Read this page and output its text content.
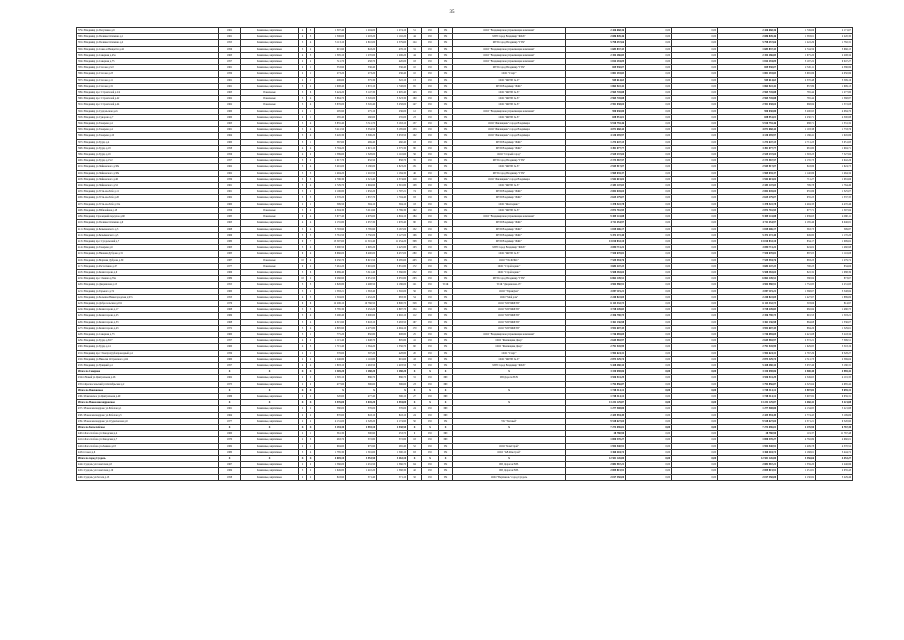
35
379 г.Владимир ул.Погулянка д.9	1961	Каменные, кирпичные	4	3	1 307,40	1 204,00	1 274,10	51	РО	УК	ООО "Владимирская управляющая компания"	2 426 668,36	0,00	0,00	2 426 668,36	1 749,66	2 171,67
380 г.Владимир ул.Полины Осипенко д.1	1961	Каменные, кирпичные	4	3	1 306,60	1 203,20	1 102,20	44	РО	УК	МУП город Владимир "ЖКХ"	2 086 849,46	0,00	0,00	2 086 849,46	1 583,61	2 220,30
381 г.Владимир ул.Полины Осипенко д.2	1955	Каменные, кирпичные	5	4	3 113,10	2 810,00	2 579,60	124	РО	УК	МУП город Владимир "ГУК"	5 798 457,66	0,00	0,00	5 798 457,66	1 222,29	1 782,31
382 г.Владимир ул.Сакко и Ванцетти д.42	1956	Каменные, кирпичные	3	2	915,90	843,20	476,10	31	РО	УК	ООО "Владимирская управляющая компания"	1 683 837,33	0,00	0,00	1 683 837,33	2 744,59	3 666,15
383 г.Владимир ул.Северная д.45а	1963	Каменные, кирпичные	4	3	1 395,10	1 270,60	1 206,20	44	РО	УК	ООО "Владимирская управляющая компания"	2 354 286,85	0,00	0,00	2 354 286,85	1 675,20	2 208,34
384 г.Владимир ул.Северная д.75	1957	Каменные, кирпичные	2	2	511,70	458,70	420,00	18	РО	УК	ООО "Владимирская управляющая компания"	1 814 294,09	0,00	0,00	1 814 294,09	3 197,22	9 047,27
385 г.Владимир ул.Стасова д.5/2	1961	Каменные, кирпичные	2	1	353,90	336,40	336,40	10	РО	УК	МУП город Владимир "ГУК"	829 930,07	0,00	0,00	829 930,07	2 345,11	4 386,99
386 г.Владимир ул.Стасова д.23	1959	Каменные, кирпичные	2	1	273,20	273,20	236,40	10	РО	УК	ООО "Старт"	1 801 293,83	0,00	0,00	1 801 293,83	3 665,86	4 050,99
387 г.Владимир ул.Стасова д.11	1961	Каменные, кирпичные	2	1	406,60	375,30	322,10	13	РО	УК	ООО "ЖРЭП № 9"	949 614,63	0,00	0,00	949 614,63	2 370,48	3 599,16
388 г.Владимир ул.Стасова д.31	1961	Каменные, кирпичные	3	2	1 908,40	1 872,10	1 748,00	65	РО	УК	МУП Владимир "ЖКС"	1 864 922,42	0,00	0,00	1 864 922,42	857,89	1 699,13
389 г.Владимир пр-т Строителей д.2/4	1963	Панельные	5	6	3 424,20	3 147,30	2 905,40	143	РО	УК	ООО "ЖРЭП № 8"	2 965 745,88	0,00	0,00	2 965 745,88	765,44	1 277,80
390 г.Владимир пр-т Строителей д.42	1962	Панельные	5	4	3 864,70	3 545,00	3 323,30	160	РО	УК	ООО "ЖРЭП № 8"	2 965 745,88	0,00	0,00	2 965 745,88	765,44	1 368,87
391 г.Владимир пр-т Строителей д.44	1962	Панельные	5	4	3 876,00	3 545,40	3 258,00	147	РО	УК	ООО "ЖРЭП № 8"	2 591 038,04	0,00	0,00	2 591 038,04	668,84	1 372,08
392 г.Владимир ул.Суздальская д.2а	1960	Каменные, кирпичные	2	1	295,90	275,10	236,00	12	РО	УК	ООО "Владимирская управляющая компания"	950 030,80	0,00	0,00	950 030,80	3 200,95	4 084,70
393 г.Владимир ул.Суворова д.7	1960	Каменные, кирпичные	2	1	285,40	260,60	235,00	23	РО	УК	ООО "ЖРЭП № 8"	658 951,01	0,00	0,00	658 951,01	2 230,71	4 300,88
394 г.Владимир ул.Токарева д.4	1963	Каменные, кирпичные	5	4	3 855,40	3 511,70	3 163,10	137	РО	УК	ООО "Жилищник" города Владимира	5 910 755,46	0,00	0,00	5 910 755,46	988,71	1 331,32
395 г.Владимир ул.Токарева д.4	1961	Каменные, кирпичные	5	4	3 411,50	3 354,50	3 185,60	153	РО	УК	ООО "Жилищник" города Владимира	4 071 668,44	0,00	0,00	4 071 668,44	1 193,38	1 733,76
396 г.Владимир ул.Токарева д.10	1964	Каменные, кирпичные	5	4	3 445,30	3 306,20	3 033,50	102	РО	УК	ООО "Жилищник" города Владимира	4 130 495,97	0,00	0,00	4 130 495,97	1 186,41	1 945,86
397 г.Владимир ул.Труда д.4	1960	Каменные, кирпичные	3	1	567,60	469,40	460,40	18	РО	УК	МУП Владимир "ЖКС"	1 274 647,15	0,00	0,00	1 274 647,15	2 711,23	5 051,83
398 г.Владимир ул.Труда д.18	1958	Каменные, кирпичные	4	4	3 794,20	2 615,10	2 575,30	80	РО	УК	МУП Владимир "ЖКС"	3 491 077,77	0,00	0,00	3 491 077,77	981,80	1 994,71
399 г.Владимир ул.Труда д.19	1956	Каменные, кирпичные	4	2	1 389,60	1 328,00	1 110,60	56	РО	УК	ООО "Старый город"	2 529 237,04	0,00	0,00	2 529 237,04	1 593,23	7 527,84
400 г.Владимир ул.Труда д.15/2	1957	Каменные, кирпичные	3	2	1 017,70	932,50	858,70	35	РО	УК	МУП город Владимир "ГУК"	2 173 567,57	0,00	0,00	2 173 567,57	2 135,73	2 942,26
401 г.Владимир ул.Чайковского д.38а	1962	Каменные, кирпичные	5	4	3 491,00	3 180,00	2 823,20	131	РО	УК	ООО "ЖРЭП № 8"	2 945 917,07	0,00	0,00	2 945 917,07	843,86	1 624,75
402 г.Владимир ул.Чайковского д.38а	1962	Каменные, кирпичные	5	3	1 494,20	1 210,50	1 184,30	46	РО	УК	МУП город Владимир "ГУК"	1 969 035,37	0,00	0,00	1 969 035,37	1 140,86	1 464,34
403 г.Владимир ул.Чайковского д.46	1959	Каменные, кирпичные	5	3	2 796,30	2 521,40	2 374,60	119	РО	УК	ООО "Жилищник" города Владимира	1 942 615,02	0,00	0,00	1 942 615,02	711,27	1 081,66
404 г.Владимир ул.Чайковского д.52	1961	Каменные, кирпичные	5	4	2 729,70	2 694,90	2 391,80	108	РО	УК	ООО "ЖРЭП № 8"	2 183 147,03	0,00	0,00	2 183 147,03	799,78	1 764,49
405 г.Владимир ул.Усти-на-Лабе д.11	1961	Каменные, кирпичные	5	2	2 106,80	1 932,20	1 797,21	74	РО	УК	МУП Владимир "ЖКС"	2 002 045,04	0,00	0,00	2 002 045,04	955,86	1 325,07
406 г.Владимир ул.Усти-на-Лабе д.20	1962	Каменные, кирпичные	5	3	2 576,20	1 857,70	1 704,40	93	РО	УК	МУП Владимир "ЖКС"	2 625 279,07	0,00	0,00	2 625 279,07	935,23	1 337,35
407 г.Владимир ул.Усти-на-Лабе д.31а	1960	Каменные, кирпичные	2	1	599,50	594,10	594,10	18	РО	УК	ООО "Жилсервис"	1 478 522,78	0,00	0,00	1 478 522,78	2 494,33	4 470,46
408 г.Владимир ул.Юбилейная д.18	1956	Панельные	5	4	4 304,30	3 911,90	3 769,30	192	РО	УК	ООО "ЖРЭП № 8"	2 872 716,95	0,00	0,00	2 872 716,95	677,71	1 397,84
409 г.Владимир Стрелецкий переулок д.60	1985	Панельные	9	4	5 677,40	4 979,60	4 804,10	184	РО	УК	ООО "Владимирская управляющая компания"	9 309 141,88	0,00	0,00	9 309 141,88	1 639,63	4 090,11
410 г.Владимир ул.Полины Осипенко д.9	1963	Каменные, кирпичные	4	4	2 155,80	2 057,30	1 976,40	80	РО	УК	МУП Владимир "ЖКС"	4 711 454,97	0,00	0,00	4 711 454,97	2 185,46	6 046,81
411 г.Владимир ул.Безыменского д.3	1968	Каменные, кирпичные	5	4	3 793,90	3 785,90	3 167,00	132	РО	УК	МУП Владимир "ЖКС"	1 819 406,17	0,00	0,00	1 819 406,17	363,73	599,87
412 г.Владимир ул.Безыменского д.5	1966	Каменные, кирпичные	5	5	5 761,50	5 750,00	5 127,00	196	РО	УК	МУП Владимир "ЖКС"	5 472 272,40	0,00	0,00	5 472 272,40	949,80	1 170,20
413 г.Владимир пр-т Суздальский д.7	1980	Каменные, кирпичные	9	7	13 597,60	11 501,40	11 254,20	308	РО	УК	МУП Владимир "ЖКС"	13 010 833,10	0,00	0,00	13 010 833,10	834,17	1 099,62
414 г.Владимир ул.Токарева д.6	1963	Каменные, кирпичные	5	4	3 090,50	2 695,20	2 425,80	103	РО	УК	МУП город Владимир "ЖКХ"	2 850 711,22	0,00	0,00	2 850 711,22	924,02	1 460,98
415 г.Владимир ул.Нижняя Дуброва д.31	1983	Каменные, кирпичные	9	4	8 666,00	8 400,00	6 457,00	280	РО	УК	ООО "ЖРЭП № 8"	7 550 670,81	0,00	0,00	7 550 670,81	887,05	1 116,08
416 г.Владимир ул.Верхняя Дуброва д.39	1987	Панельные	10	4	9 250,70	8 615,50	8 285,60	403	РО	УК	ООО "УК ЖЭКС"	7 539 594,76	0,00	0,00	7 539 594,76	883,23	1 279,72
417 г.Владимир ул.Растопчина д.47	1977	Панельные	9	2	7 461,20	5 901,00	5 831,80	172	РО	УК	ООО "Стройсервис"	3 684 247,23	0,00	0,00	3 684 247,23	700,23	834,66
418 г.Владимир ул.Комиссарова д.9	1966	Каменные, кирпичные	5	6	6 069,40	5 611,40	5 366,80	252	РО	УК	ООО "Стройсервис"	5 508 383,04	0,00	0,00	5 508 383,04	822,32	1 088,39
419 г.Владимир пр-т Ленина д.35в	1989	Каменные, кирпичные	10	2	9 266,90	9 051,50	9 055,80	293	РО	УК	МУП город Владимир "ГУК"	6 862 149,51	0,00	0,00	6 862 149,51	580,84	873,67
420 г.Владимир ул.Дворянская д.15	1955	Каменные, кирпичные	3	3	2 826,80	2 498,50	2 186,00	121	РО	ТСЖ	ТСЖ "Дворянская-15"	4 904 980,91	0,00	0,00	4 904 980,91	1 752,85	2 231,83
421 г.Владимир ул.Горького д.74	1960	Каменные, кирпичные	5	2	1 583,21	1 363,40	1 302,00	56	РО	УК	ООО "УправДом"	2 097 119,21	0,00	0,00	2 097 119,21	1 368,67	3 548,84
422 г.Владимир ул.Большая Нижегородская д.97а	1953	Каменные, кирпичные	4	3	1 504,00	1 452,20	983,30	54	РО	УК	ООО "Мой дом"	2 240 822,69	0,00	0,00	2 240 822,69	1 427,67	1 889,69
423 г.Владимир ул.Добросельская д.191	1976	Каменные, кирпичные	9	6	12 206,10	10 766,50	9 800,70	328	РО	УК	ООО "МУПЖРЭП"	6 113 332,73	0,00	0,00	6 113 332,73	503,66	814,97
424 г.Владимир ул.Комиссарова д.17	1968	Каменные, кирпичные	5	3	3 785,30	3 252,20	2 897,70	134	РО	УК	ООО "МУПЖРЭП"	3 728 249,83	0,00	0,00	3 728 249,83	982,84	1 480,75
425 г.Владимир ул.Комиссарова д.25	1969	Каменные, кирпичные	5	4	3 290,40	3 000,60	2 902,10	112	РО	УК	ООО "МУПЖРЭП"	2 356 790,75	0,00	0,00	2 356 790,75	691,53	1 503,21
426 г.Владимир ул.Комиссарова д.33	1968	Каменные, кирпичные	5	4	4 315,90	3 943,10	3 483,50	167	РО	УК	ООО "МУПЖРЭП"	3 361 136,98	0,00	0,00	3 361 136,98	864,68	1 336,07
427 г.Владимир ул.Комиссарова д.43	1972	Каменные, кирпичные	5	4	4 895,90	4 475,80	4 094,10	170	РО	УК	ООО "МУПЖРЭП"	3 952 607,35	0,00	0,00	3 952 607,35	884,26	1 529,61
428 г.Владимир ул.Северная д.73	1960	Каменные, кирпичные	3	1	775,20	650,80	608,80	25	РО	УК	ООО "Владимирская управляющая компания"	1 746 085,69	0,00	0,00	1 746 085,69	2 421,08	3 243,34
429 г.Владимир ул.Труда д.30/7	1957	Каменные, кирпичные	4	2	1 115,40	1 048,70	805,80	41	РО	УК	ООО "Жилищник Двор"	2 645 965,97	0,00	0,00	2 645 965,97	2 372,21	7 399,51
430 г.Владимир ул.Труда д.14	1960	Каменные, кирпичные	4	3	1 715,40	1 564,20	1 356,70	60	РО	УК	ООО "Жилищник Двор"	2 791 545,99	0,00	0,00	2 791 545,99	1 629,85	5 518,19
431 г.Владимир пр-т Электротрубопроводный д.4	1959	Каменные, кирпичные	2	1	576,60	507,20	428,80	20	РО	УК	ООО "Старт"	1 594 624,31	0,00	0,00	1 594 624,31	2 767,29	9 328,27
432 г.Владимир ул.Николая Островского д.64	1960	Каменные, кирпичные	2	2	1 246,80	1 116,80	901,60	43	РО	УК	ООО "ЖРЭП № 9"	2 873 329,74	0,00	0,00	2 873 329,74	2 311,73	2 569,04
433 г.Владимир ул.Урицкий д.4	1957	Каменные, кирпичные	4	4	1 803,10	1 463,50	1 403,50	53	РО	УК	МУП город Владимир "ЖКХ"	5 428 480,34	0,00	0,00	5 428 480,34	3 037,46	3 180,31
Итого по Северное	X	X	X	X	1 305,20	1 288,20	1 288,20	X	X	X	X	3 150 098,86	0,00	0,00	3 150 098,86	2 500,40	4 985,42
434 п.Новый ул.Центральная д.26	1962	Каменные, кирпичные	2	2	1 395,10	886,70	886,70	31	РО	ИП	ИП Дороги Н.Н.	3 556 941,29	0,00	0,00	3 556 941,29	2 549,65	4 101,35
435 п.Красносельский ул.Октябрьская д.2	1975	Каменные, кирпичные	2	2	477,60	396,60	396,60	23	РО	ИП		1 794 856,87	0,00	0,00	1 794 856,87	4 525,64	4 985,42
Итого по Павловское	X	X	X	X	X	X	X	X	X	X	X	1 748 314,12	0,00	0,00	1 748 314,12	3 907,82	9 659,31
436 с.Павловское ул.Центральная д.49	1986	Каменные, кирпичные	2	2	520,60	477,40	396,10	27	РО	ИП		1 748 314,12	0,00	0,00	1 748 314,12	3 907,82	9 659,31
Итого по Новоалександровское	X	X	X	X	3 576,00	3 045,20	2 594,00	X	X	X	X	13 232 129,87	0,00	0,00	13 232 129,87	2 460,41	5 221,88
437 с.Новоалександрово ул.Рабочая д.1	1961	Каменные, кирпичные	2	2	580,00	576,00	576,00	24	РО	ИП		1 277 508,80	0,00	0,00	1 277 508,80	4 134,85	5 221,88
438 с.Новоалександрово ул.Рабочая д.3	1964	Каменные, кирпичные	2	2	870,60	843,10	843,10	24	РО	ИП		2 435 994,49	0,00	0,00	2 435 994,49	2 774,45	3 199,69
439 с.Новоалександрово ул.Студенческая д.6	1977	Каменные, кирпичные	2	2	4 131,00	2 528,20	2 174,90	50	РО	УК	УК "Уютный"	9 518 627,04	0,00	0,00	9 518 627,04	2 371,21	9 520,90
Итого по Богослобское	X	X	X	X	3 194,30	2 993,10	2 538,50	X	X	X	X	7 274 096,02	0,00	0,00	7 274 096,02	2 176,90	6 767,30
440 п.Богослобово ул.Заводская д.4	1960	Каменные, кирпичные	2	1	361,30	300,90	253,70	9	РО	ИП		28 780,90	0,00	0,00	28 780,90	119,37	11 767,48
441 п.Богослобово ул.Заводская д.7	1970	Каменные, кирпичные	2	3	463,70	372,80	372,80	18	РО	ИП		1 850 370,27	0,00	0,00	1 850 370,27	4 782,89	4 960,01
442 п.Богослобово ул.Ленина д.18	1982	Каменные, кирпичные	2	1	994,60	975,90	265,40	52	РО	УК	ООО "КомСтрой"	1 954 540,91	0,00	0,00	1 954 540,91	2 409,78	4 370,52
443 п.Сокол д.6	1980	Каменные, кирпичные	5	4	1 785,30	1 591,60	1 590,10	63	РО	УК	ООО "АВ Ремстрой"	3 360 404,74	0,00	0,00	3 360 404,74	2 168,61	3 444,72
Итого по город Суздаль	X	X	X	X	4 005,10	3 553,50	3 263,10	X	X	X	X	12 501 126,80	0,00	0,00	12 501 126,80	3 356,66	4 453,27
444 г.Суздаль ул.Советская д.8	1967	Каменные, кирпичные	2	2	1 566,00	1 431,50	1 366,70	64	РО	УК	ИП Дорогов Н.Н.	2 882 967,21	0,00	0,00	2 882 967,21	1 359,20	2 246,99
445 г.Суздаль ул.Советская д.19	1984	Каменные, кирпичные	3	2	1 649,80	1 410,20	1 368,30	42	РО	УК	ИП Дорогов Н.Н.	2 859 815,91	0,00	0,00	2 859 815,91	1 251,81	2 035,43
446 г.Суздаль ул.Гоголя д.13	1958	Каменные, кирпичные	2	2	843,90	571,40	571,10	32	РО	УК	ООО "Вертикаль" город Суздаль	2 017 350,00	0,00	0,00	2 017 350,00	2 130,82	3 229,46
